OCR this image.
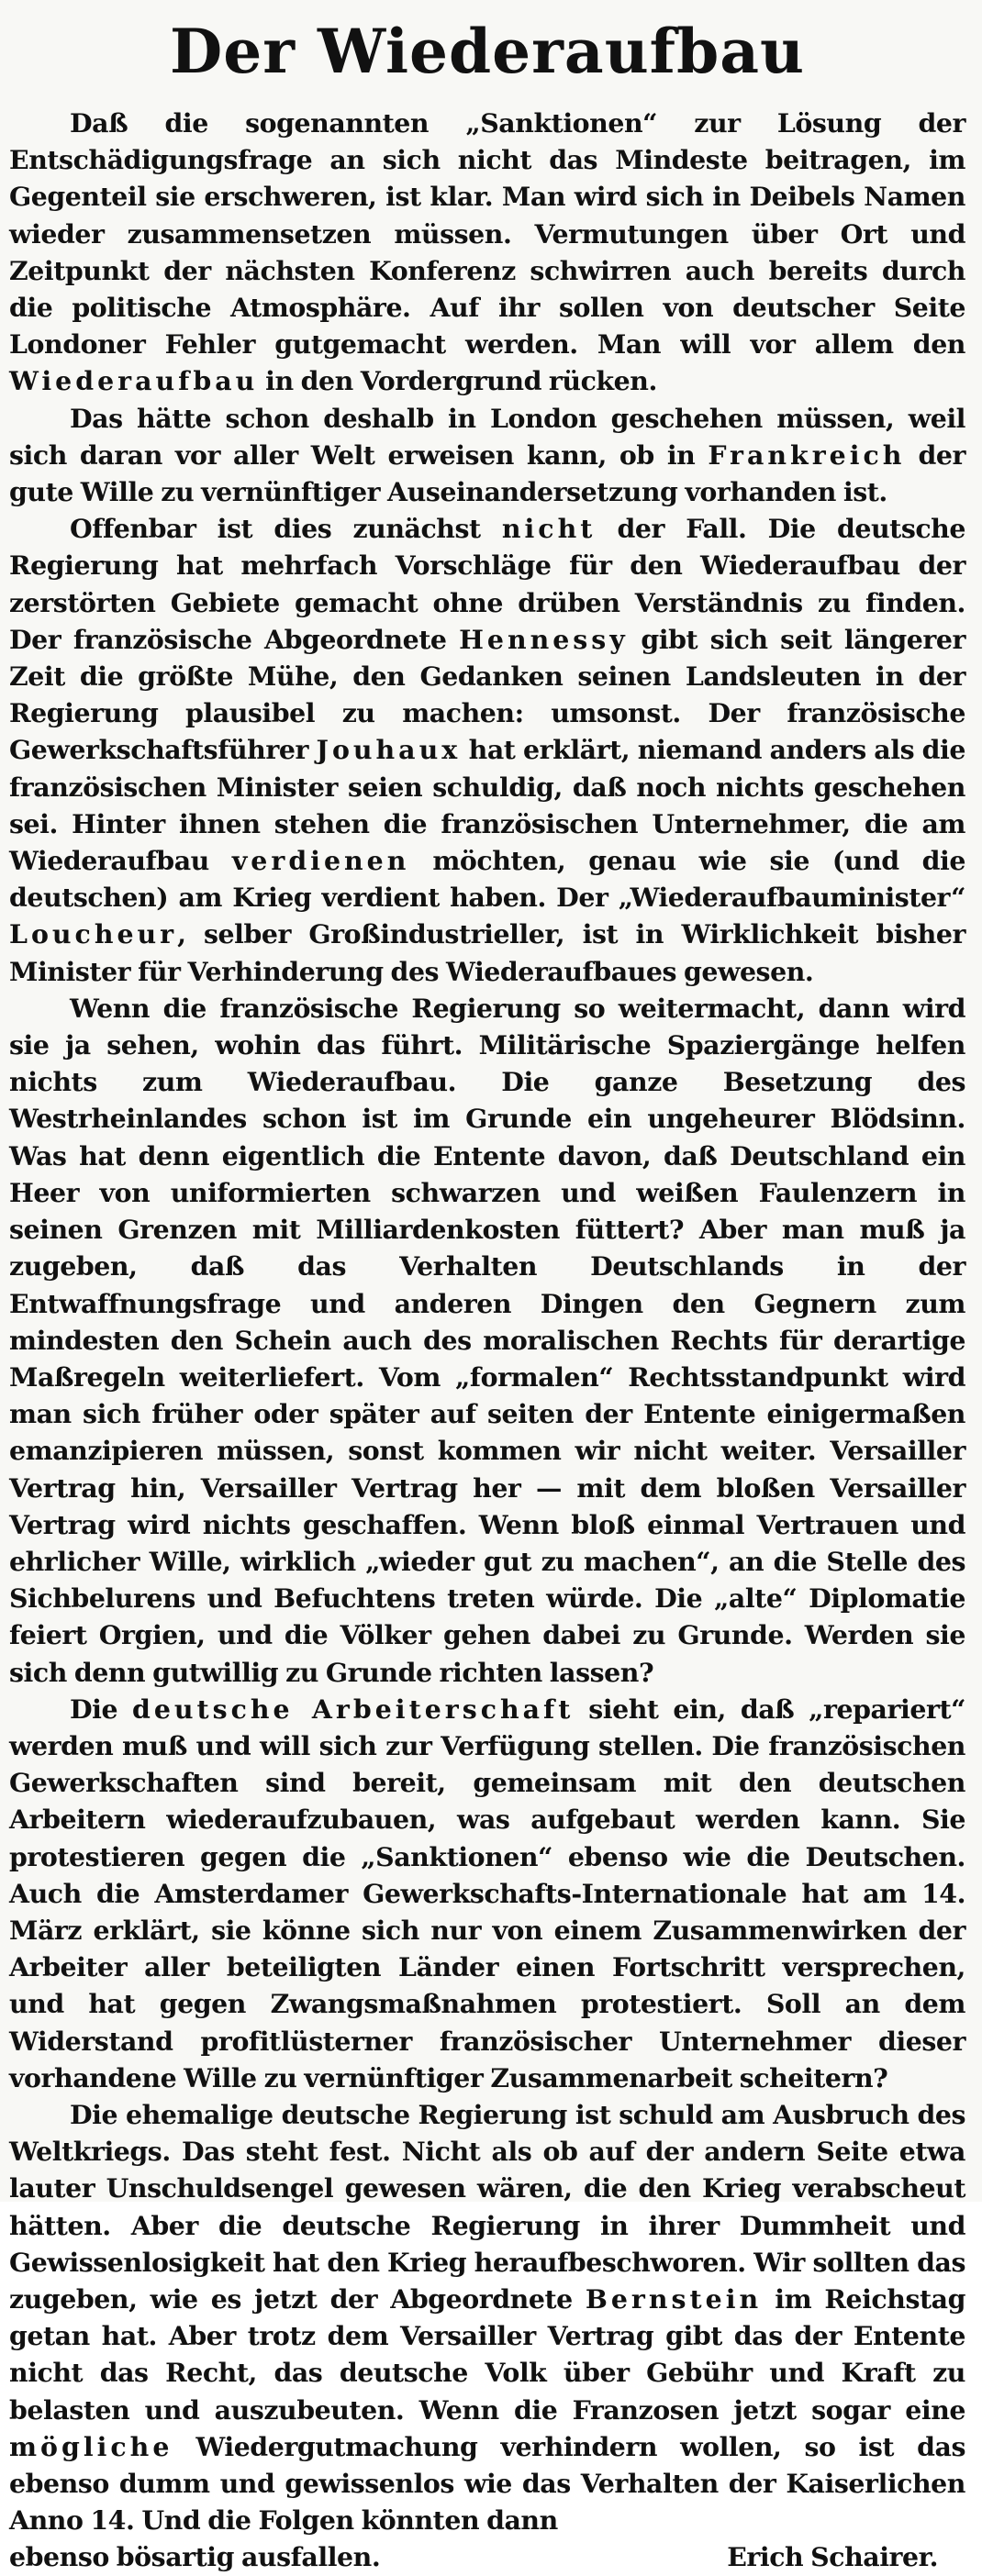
Der Wiederaufbau

Daß die sogenannten „Sanktionen“ zur Lösung der Entschädigungsfrage an sich nicht das Mindeste beitragen, im Gegenteil sie erschweren, ist klar. Man wird sich in Deibels Namen wieder zusammensetzen müssen. Vermutungen über Ort und Zeitpunkt der nächsten Konferenz schwirren auch bereits durch die politische Atmosphäre. Auf ihr sollen von deutscher Seite Londoner Fehler gutgemacht werden. Man will vor allem den Wiederaufbau in den Vordergrund rücken.

Das hätte schon deshalb in London geschehen müssen, weil sich daran vor aller Welt erweisen kann, ob in Frankreich der gute Wille zu vernünftiger Auseinandersetzung vorhanden ist.

Offenbar ist dies zunächst nicht der Fall. Die deutsche Regierung hat mehrfach Vorschläge für den Wiederaufbau der zerstörten Gebiete gemacht ohne drüben Verständnis zu finden. Der französische Abgeordnete Hennessy gibt sich seit längerer Zeit die größte Mühe, den Gedanken seinen Landsleuten in der Regierung plausibel zu machen: umsonst. Der französische Gewerkschaftsführer Jouhaux hat erklärt, niemand anders als die französischen Minister seien schuldig, daß noch nichts geschehen sei. Hinter ihnen stehen die französischen Unternehmer, die am Wiederaufbau verdienen möchten, genau wie sie (und die deutschen) am Krieg verdient haben. Der „Wiederaufbauminister“ Loucheur, selber Großindustrieller, ist in Wirklichkeit bisher Minister für Verhinderung des Wiederaufbaues gewesen.

Wenn die französische Regierung so weitermacht, dann wird sie ja sehen, wohin das führt. Militärische Spaziergänge helfen nichts zum Wiederaufbau. Die ganze Besetzung des Westrheinlandes schon ist im Grunde ein ungeheurer Blödsinn. Was hat denn eigentlich die Entente davon, daß Deutschland ein Heer von uniformierten schwarzen und weißen Faulenzern in seinen Grenzen mit Milliardenkosten füttert? Aber man muß ja zugeben, daß das Verhalten Deutschlands in der Entwaffnungsfrage und anderen Dingen den Gegnern zum mindesten den Schein auch des moralischen Rechts für derartige Maßregeln weiterliefert. Vom „formalen“ Rechtsstandpunkt wird man sich früher oder später auf seiten der Entente einigermaßen emanzipieren müssen, sonst kommen wir nicht weiter. Versailler Vertrag hin, Versailler Vertrag her — mit dem bloßen Versailler Vertrag wird nichts geschaffen. Wenn bloß einmal Vertrauen und ehrlicher Wille, wirklich „wieder gut zu machen“, an die Stelle des Sichbelurens und Befuchtens treten würde. Die „alte“ Diplomatie feiert Orgien, und die Völker gehen dabei zu Grunde. Werden sie sich denn gutwillig zu Grunde richten lassen?

Die deutsche Arbeiterschaft sieht ein, daß „repariert“ werden muß und will sich zur Verfügung stellen. Die französischen Gewerkschaften sind bereit, gemeinsam mit den deutschen Arbeitern wiederaufzubauen, was aufgebaut werden kann. Sie protestieren gegen die „Sanktionen“ ebenso wie die Deutschen. Auch die Amsterdamer Gewerkschafts-Internationale hat am 14. März erklärt, sie könne sich nur von einem Zusammenwirken der Arbeiter aller beteiligten Länder einen Fortschritt versprechen, und hat gegen Zwangsmaßnahmen protestiert. Soll an dem Widerstand profitlüsterner französischer Unternehmer dieser vorhandene Wille zu vernünftiger Zusammenarbeit scheitern?

Die ehemalige deutsche Regierung ist schuld am Ausbruch des Weltkriegs. Das steht fest. Nicht als ob auf der andern Seite etwa lauter Unschuldsengel gewesen wären, die den Krieg verabscheut hätten. Aber die deutsche Regierung in ihrer Dummheit und Gewissenlosigkeit hat den Krieg heraufbeschworen. Wir sollten das zugeben, wie es jetzt der Abgeordnete Bernstein im Reichstag getan hat. Aber trotz dem Versailler Vertrag gibt das der Entente nicht das Recht, das deutsche Volk über Gebühr und Kraft zu belasten und auszubeuten. Wenn die Franzosen jetzt sogar eine mögliche Wiedergutmachung verhindern wollen, so ist das ebenso dumm und gewissenlos wie das Verhalten der Kaiserlichen Anno 14. Und die Folgen könnten dann

ebenso bösartig ausfallen.	Erich Schairer.
